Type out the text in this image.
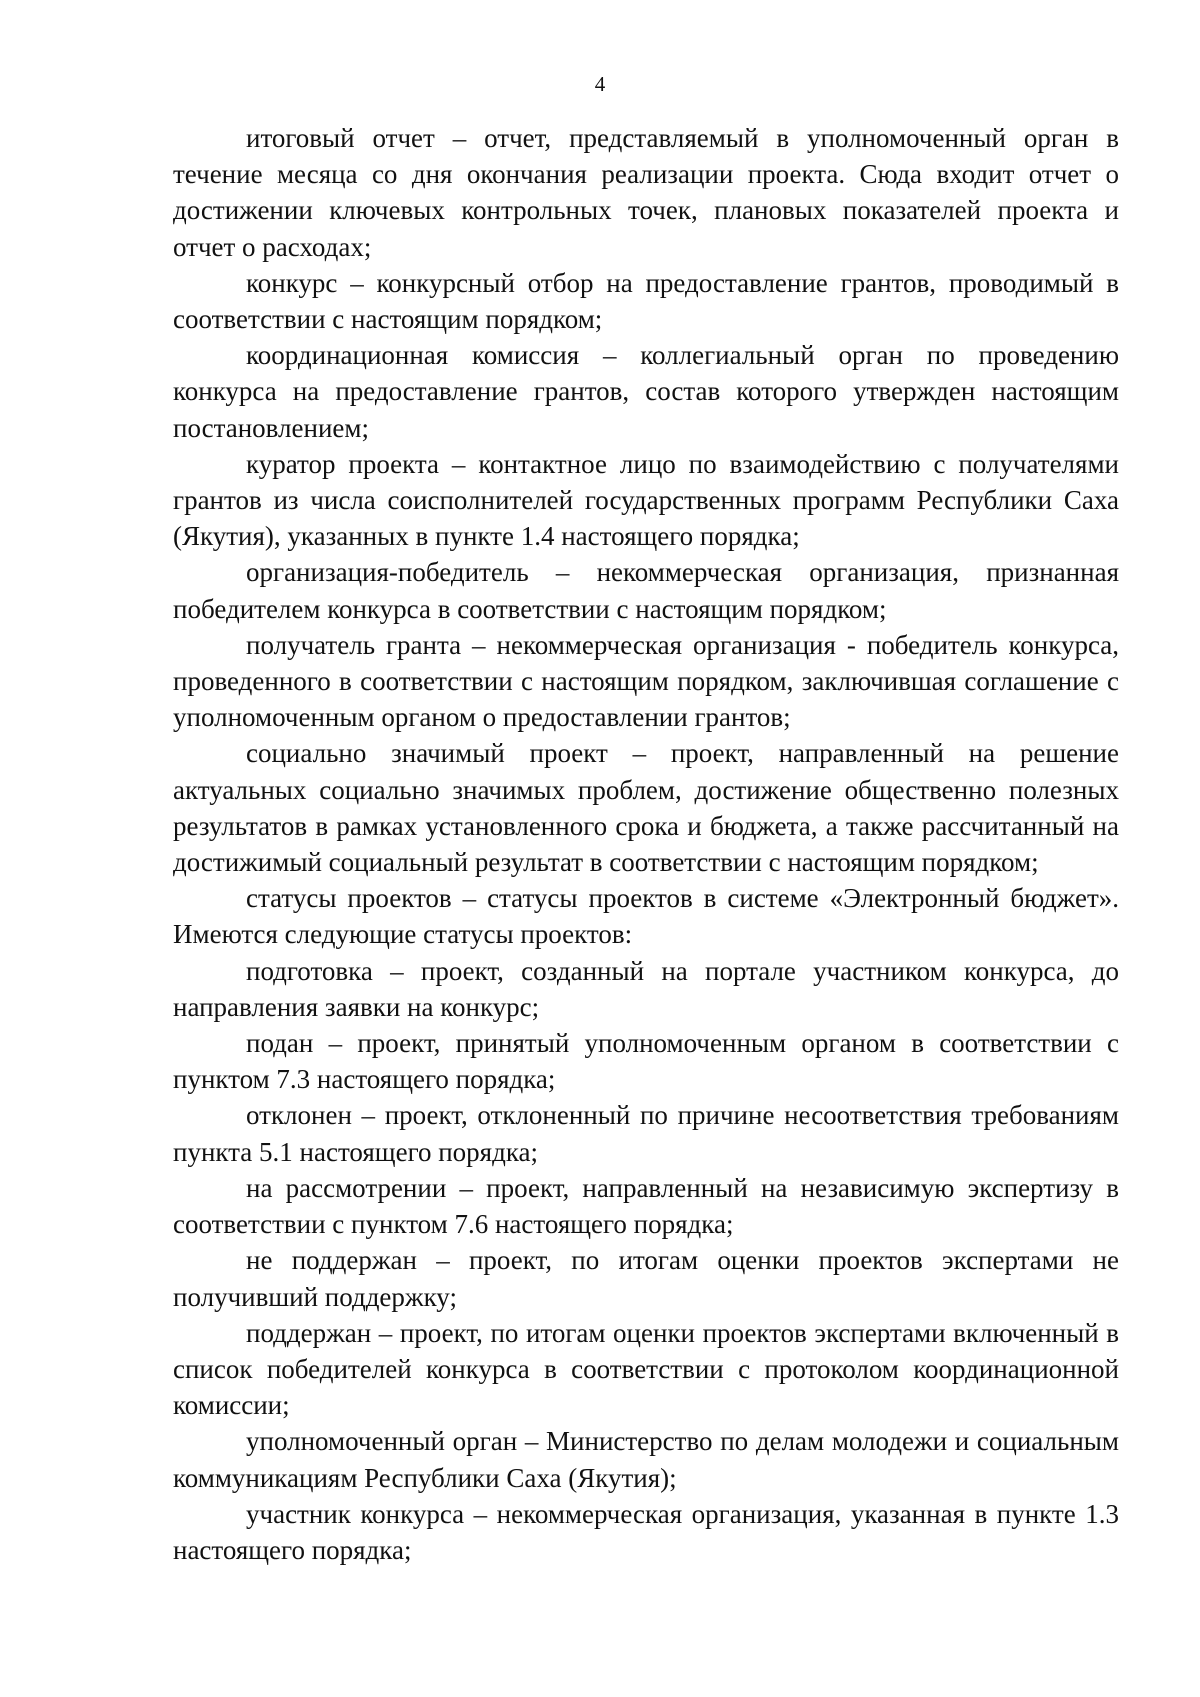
4

итоговый отчет – отчет, представляемый в уполномоченный орган в течение месяца со дня окончания реализации проекта. Сюда входит отчет о достижении ключевых контрольных точек, плановых показателей проекта и отчет о расходах;

конкурс – конкурсный отбор на предоставление грантов, проводимый в соответствии с настоящим порядком;

координационная комиссия – коллегиальный орган по проведению конкурса на предоставление грантов, состав которого утвержден настоящим постановлением;

куратор проекта – контактное лицо по взаимодействию с получателями грантов из числа соисполнителей государственных программ Республики Саха (Якутия), указанных в пункте 1.4 настоящего порядка;

организация-победитель – некоммерческая организация, признанная победителем конкурса в соответствии с настоящим порядком;

получатель гранта – некоммерческая организация - победитель конкурса, проведенного в соответствии с настоящим порядком, заключившая соглашение с уполномоченным органом о предоставлении грантов;

социально значимый проект – проект, направленный на решение актуальных социально значимых проблем, достижение общественно полезных результатов в рамках установленного срока и бюджета, а также рассчитанный на достижимый социальный результат в соответствии с настоящим порядком;

статусы проектов – статусы проектов в системе «Электронный бюджет». Имеются следующие статусы проектов:

подготовка – проект, созданный на портале участником конкурса, до направления заявки на конкурс;

подан – проект, принятый уполномоченным органом в соответствии с пунктом 7.3 настоящего порядка;

отклонен – проект, отклоненный по причине несоответствия требованиям пункта 5.1 настоящего порядка;

на рассмотрении – проект, направленный на независимую экспертизу в соответствии с пунктом 7.6 настоящего порядка;

не поддержан – проект, по итогам оценки проектов экспертами не получивший поддержку;

поддержан – проект, по итогам оценки проектов экспертами включенный в список победителей конкурса в соответствии с протоколом координационной комиссии;

уполномоченный орган – Министерство по делам молодежи и социальным коммуникациям Республики Саха (Якутия);

участник конкурса – некоммерческая организация, указанная в пункте 1.3 настоящего порядка;
